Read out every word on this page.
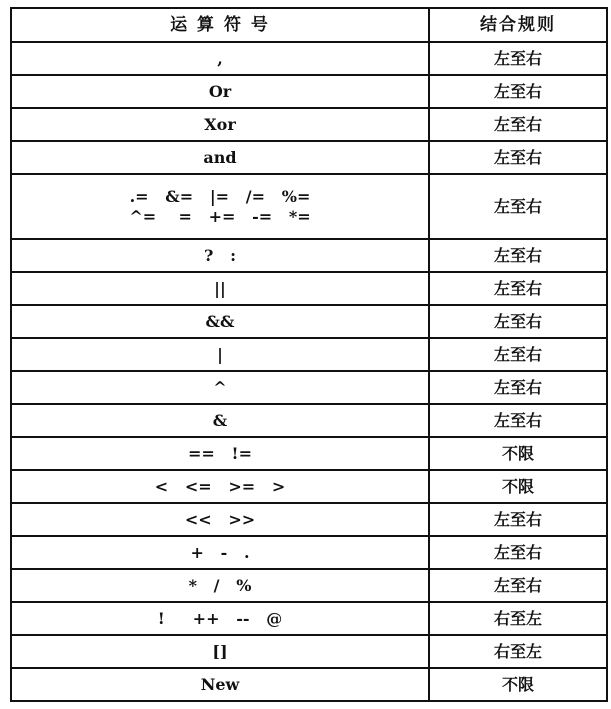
运 算 符 号	结合规则

,	左至右

Or	左至右

Xor	左至右

and	左至右

.=   &=   |=   /=   %=
^=    =   +=   -=   *=	左至右

?   :	左至右

||	左至右

&&	左至右

|	左至右

^	左至右

&	左至右

==   !=	不限

<   <=   >=   >	不限

<<   >>	左至右

+   -   .	左至右

*   /   %	左至右

!     ++   --   @	右至左

[]	右至左

New	不限
